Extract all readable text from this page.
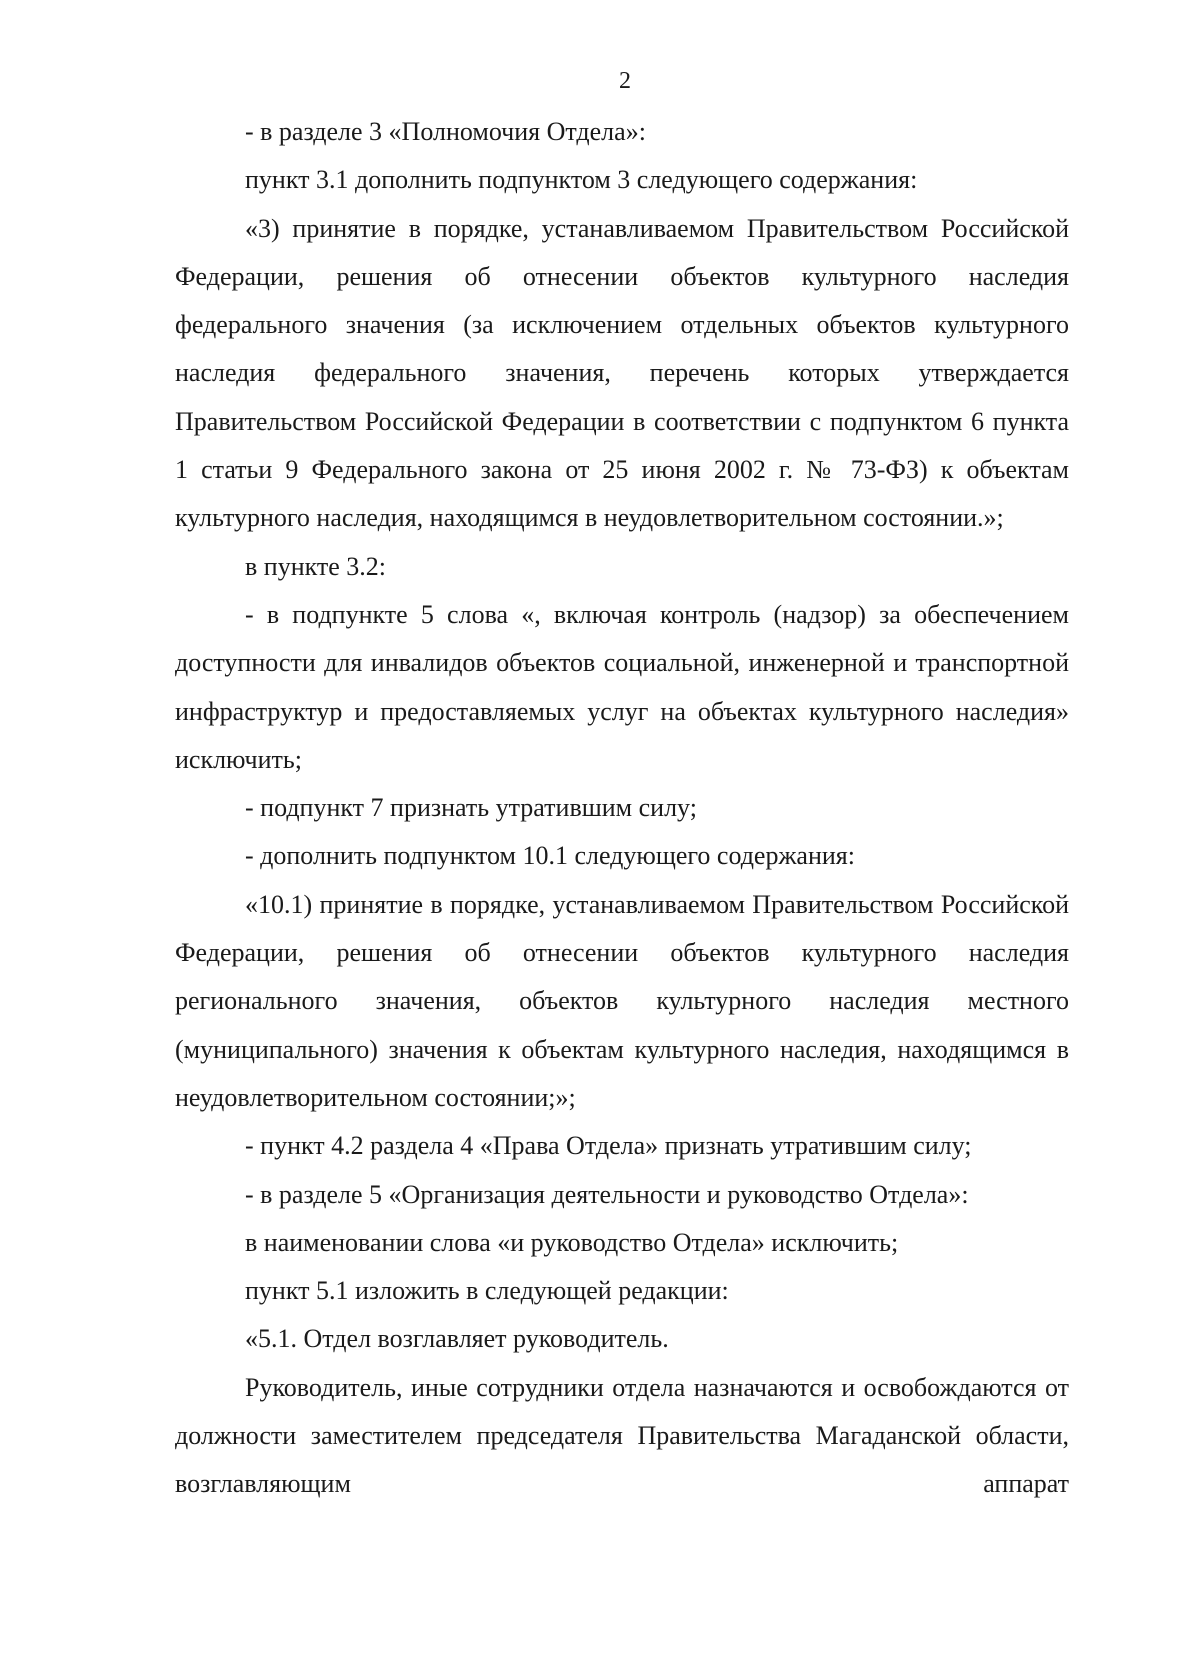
2

- в разделе 3 «Полномочия Отдела»:

пункт 3.1 дополнить подпунктом 3 следующего содержания:

«3) принятие в порядке, устанавливаемом Правительством Российской Федерации, решения об отнесении объектов культурного наследия федерального значения (за исключением отдельных объектов культурного наследия федерального значения, перечень которых утверждается Правительством Российской Федерации в соответствии с подпунктом 6 пункта 1 статьи 9 Федерального закона от 25 июня 2002 г. № 73-ФЗ) к объектам культурного наследия, находящимся в неудовлетворительном состоянии.»;

в пункте 3.2:

- в подпункте 5 слова «, включая контроль (надзор) за обеспечением доступности для инвалидов объектов социальной, инженерной и транспортной инфраструктур и предоставляемых услуг на объектах культурного наследия» исключить;

- подпункт 7 признать утратившим силу;

- дополнить подпунктом 10.1 следующего содержания:

«10.1) принятие в порядке, устанавливаемом Правительством Российской Федерации, решения об отнесении объектов культурного наследия регионального значения, объектов культурного наследия местного (муниципального) значения к объектам культурного наследия, находящимся в неудовлетворительном состоянии;»;

- пункт 4.2 раздела 4 «Права Отдела» признать утратившим силу;

- в разделе 5 «Организация деятельности и руководство Отдела»:

в наименовании слова «и руководство Отдела» исключить;

пункт 5.1 изложить в следующей редакции:

«5.1. Отдел возглавляет руководитель.

Руководитель, иные сотрудники отдела назначаются и освобождаются от должности заместителем председателя Правительства Магаданской области, возглавляющим аппарат
